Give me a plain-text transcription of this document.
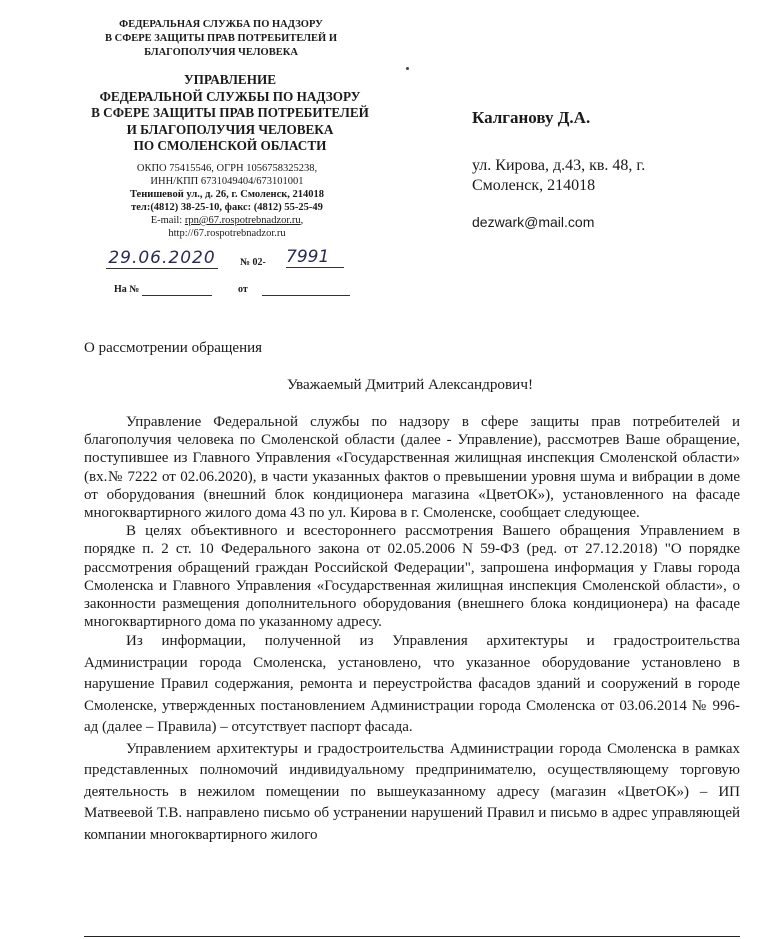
ФЕДЕРАЛЬНАЯ СЛУЖБА ПО НАДЗОРУ
В СФЕРЕ ЗАЩИТЫ ПРАВ ПОТРЕБИТЕЛЕЙ И
БЛАГОПОЛУЧИЯ ЧЕЛОВЕКА
УПРАВЛЕНИЕ
ФЕДЕРАЛЬНОЙ СЛУЖБЫ ПО НАДЗОРУ
В СФЕРЕ ЗАЩИТЫ ПРАВ ПОТРЕБИТЕЛЕЙ
И БЛАГОПОЛУЧИЯ ЧЕЛОВЕКА
ПО СМОЛЕНСКОЙ ОБЛАСТИ
ОКПО 75415546, ОГРН 1056758325238,
ИНН/КПП 6731049404/673101001
Тенишевой ул., д. 26, г. Смоленск, 214018
тел:(4812) 38-25-10, факс: (4812) 55-25-49
E-mail: rpn@67.rospotrebnadzor.ru,
http://67.rospotrebnadzor.ru
29.06.2020 № 02- 7991
На №	от
Калганову Д.А.
ул. Кирова, д.43, кв. 48, г.
Смоленск, 214018
dezwark@mail.com
О рассмотрении обращения
Уважаемый Дмитрий Александрович!

Управление Федеральной службы по надзору в сфере защиты прав потребителей и благополучия человека по Смоленской области (далее - Управление), рассмотрев Ваше обращение, поступившее из Главного Управления «Государственная жилищная инспекция Смоленской области» (вх.№ 7222 от 02.06.2020), в части указанных фактов о превышении уровня шума и вибрации в доме от оборудования (внешний блок кондиционера магазина «ЦветОК»), установленного на фасаде многоквартирного жилого дома 43 по ул. Кирова в г. Смоленске, сообщает следующее.

В целях объективного и всестороннего рассмотрения Вашего обращения Управлением в порядке п. 2 ст. 10 Федерального закона от 02.05.2006 N 59-ФЗ (ред. от 27.12.2018) "О порядке рассмотрения обращений граждан Российской Федерации", запрошена информация у Главы города Смоленска и Главного Управления «Государственная жилищная инспекция Смоленской области», о законности размещения дополнительного оборудования (внешнего блока кондиционера) на фасаде многоквартирного дома по указанному адресу.

Из информации, полученной из Управления архитектуры и градостроительства Администрации города Смоленска, установлено, что указанное оборудование установлено в нарушение Правил содержания, ремонта и переустройства фасадов зданий и сооружений в городе Смоленске, утвержденных постановлением Администрации города Смоленска от 03.06.2014 № 996-ад (далее – Правила) – отсутствует паспорт фасада.

Управлением архитектуры и градостроительства Администрации города Смоленска в рамках представленных полномочий индивидуальному предпринимателю, осуществляющему торговую деятельность в нежилом помещении по вышеуказанному адресу (магазин «ЦветОК») – ИП Матвеевой Т.В. направлено письмо об устранении нарушений Правил и письмо в адрес управляющей компании многоквартирного жилого
